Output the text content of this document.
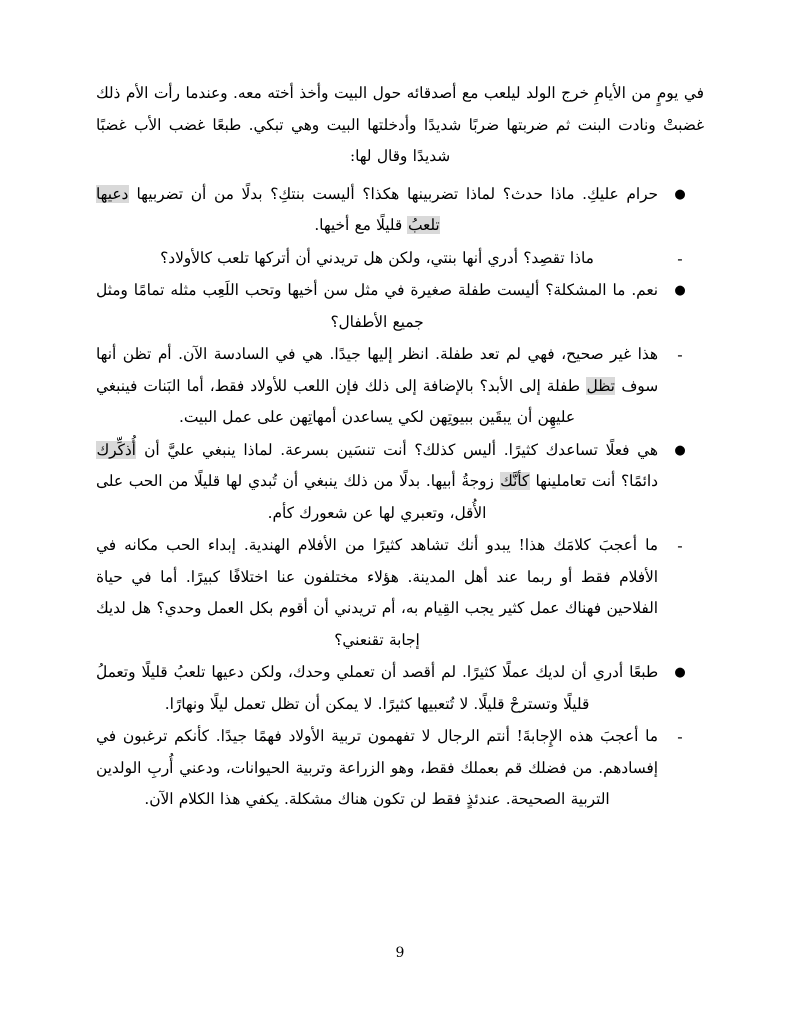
في يومٍ من الأيامِ خرج الولد ليلعب مع أصدقائه حول البيت وأخذ أخته معه. وعندما رأت الأم ذلك غضبتْ ونادت البنت ثم ضربتها ضربًا شديدًا وأدخلتها البيت وهي تبكي. طبعًا غضب الأب غضبًا شديدًا وقال لها:

●
حرام عليكِ. ماذا حدث؟ لماذا تضربينها هكذا؟ أليست بنتكِ؟ بدلًا من أن تضربيها دعيها تلعبُ قليلًا مع أخيها.
-
ماذا تقصِد؟ أدري أنها بنتي، ولكن هل تريدني أن أتركها تلعب كالأولاد؟
●
نعم. ما المشكلة؟ أليست طفلة صغيرة في مثل سن أخيها وتحب اللَعِب مثله تمامًا ومثل جميع الأطفال؟
-
هذا غير صحيح، فهي لم تعد طفلة. انظر إليها جيدًا. هي في السادسة الآن. أم تظن أنها سوف تظل طفلة إلى الأبد؟ بالإضافة إلى ذلك فإن اللعب للأولاد فقط، أما البَنات فينبغي عليهِن أن يبقَين ببيوتِهن لكي يساعدن أمهاتِهن على عمل البيت.
●
هي فعلًا تساعدك كثيرًا. أليس كذلك؟ أنت تنسَين بسرعة. لماذا ينبغي عليَّ أن أُذكِّرك دائمًا؟ أنت تعاملينها كأنَّك زوجةُ أبيها. بدلًا من ذلك ينبغي أن تُبدي لها قليلًا من الحب على الأُقل، وتعبري لها عن شعورك كأم.
-
ما أعجبَ كلامَك هذا! يبدو أنك تشاهد كثيرًا من الأفلام الهندية. إبداء الحب مكانه في الأفلام فقط أو ربما عند أهل المدينة. هؤلاء مختلفون عنا اختلافًا كبيرًا. أما في حياة الفلاحين فهناك عمل كثير يجب القِيام به، أم تريدني أن أقوم بكل العمل وحدي؟ هل لديك إجابة تقنعني؟
●
طبعًا أدري أن لديك عملًا كثيرًا. لم أقصد أن تعملي وحدك، ولكن دعيها تلعبُ قليلًا وتعملُ قليلًا وتسترحْ قليلًا. لا تُتعبيها كثيرًا. لا يمكن أن تظل تعمل ليلًا ونهارًا.
-
ما أعجبَ هذه الإِجابةَ! أنتم الرجال لا تفهمون تربية الأولاد فهمًا جيدًا. كأنكم ترغبون في إفسادهم. من فضلك قم بعملك فقط، وهو الزراعة وتربية الحيوانات، ودعني أُربِ الولدين التربية الصحيحة. عندئذٍ فقط لن تكون هناك مشكلة. يكفي هذا الكلام الآن.
9
